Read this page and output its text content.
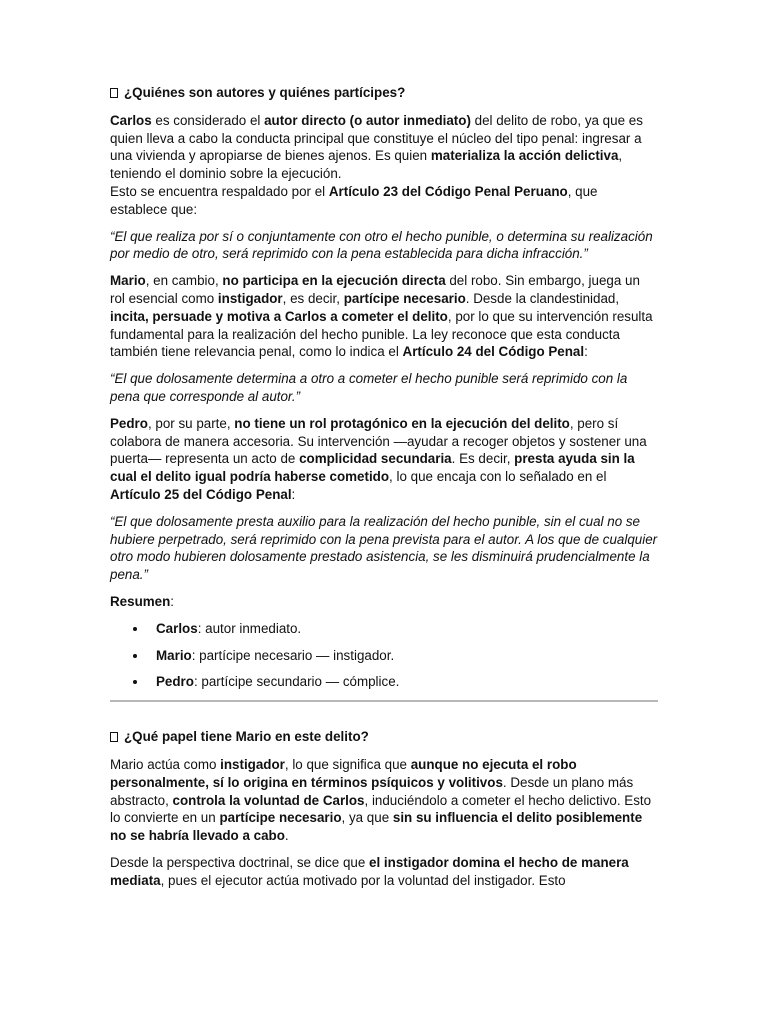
¿Quiénes son autores y quiénes partícipes?

Carlos es considerado el autor directo (o autor inmediato) del delito de robo, ya que es quien lleva a cabo la conducta principal que constituye el núcleo del tipo penal: ingresar a una vivienda y apropiarse de bienes ajenos. Es quien materializa la acción delictiva, teniendo el dominio sobre la ejecución.
Esto se encuentra respaldado por el Artículo 23 del Código Penal Peruano, que establece que:

“El que realiza por sí o conjuntamente con otro el hecho punible, o determina su realización por medio de otro, será reprimido con la pena establecida para dicha infracción.”

Mario, en cambio, no participa en la ejecución directa del robo. Sin embargo, juega un rol esencial como instigador, es decir, partícipe necesario. Desde la clandestinidad, incita, persuade y motiva a Carlos a cometer el delito, por lo que su intervención resulta fundamental para la realización del hecho punible. La ley reconoce que esta conducta también tiene relevancia penal, como lo indica el Artículo 24 del Código Penal:

“El que dolosamente determina a otro a cometer el hecho punible será reprimido con la pena que corresponde al autor.”

Pedro, por su parte, no tiene un rol protagónico en la ejecución del delito, pero sí colabora de manera accesoria. Su intervención —ayudar a recoger objetos y sostener una puerta— representa un acto de complicidad secundaria. Es decir, presta ayuda sin la cual el delito igual podría haberse cometido, lo que encaja con lo señalado en el Artículo 25 del Código Penal:

“El que dolosamente presta auxilio para la realización del hecho punible, sin el cual no se hubiere perpetrado, será reprimido con la pena prevista para el autor. A los que de cualquier otro modo hubieren dolosamente prestado asistencia, se les disminuirá prudencialmente la pena.”

Resumen:

Carlos: autor inmediato.
Mario: partícipe necesario — instigador.
Pedro: partícipe secundario — cómplice.

¿Qué papel tiene Mario en este delito?

Mario actúa como instigador, lo que significa que aunque no ejecuta el robo personalmente, sí lo origina en términos psíquicos y volitivos. Desde un plano más abstracto, controla la voluntad de Carlos, induciéndolo a cometer el hecho delictivo. Esto lo convierte en un partícipe necesario, ya que sin su influencia el delito posiblemente no se habría llevado a cabo.

Desde la perspectiva doctrinal, se dice que el instigador domina el hecho de manera mediata, pues el ejecutor actúa motivado por la voluntad del instigador. Esto
